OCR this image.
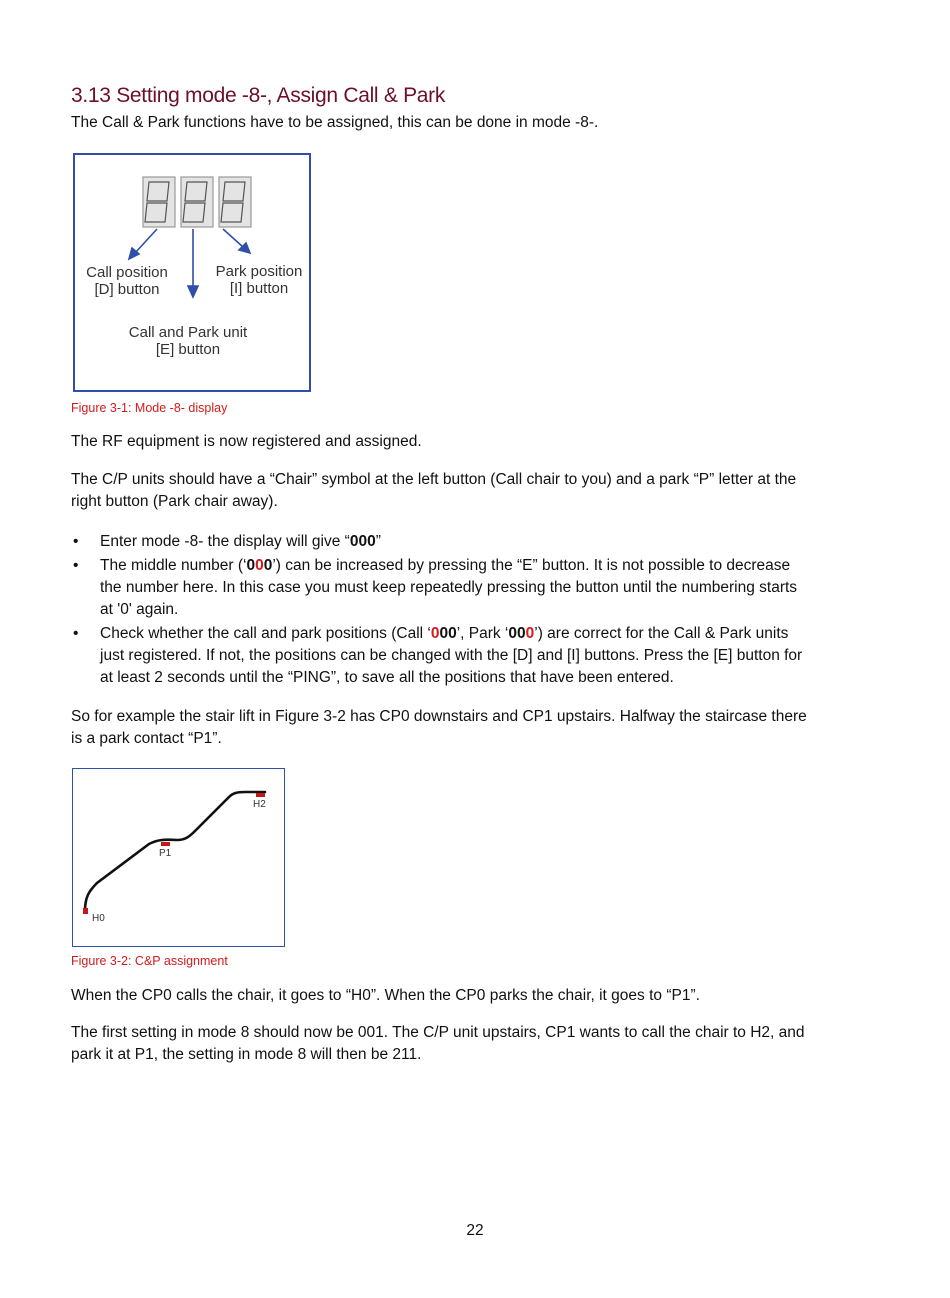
3.13 Setting mode -8-, Assign Call & Park
The Call & Park functions have to be assigned, this can be done in mode -8-.
Call position
[D] button
Park position
[I] button
Call and Park unit
[E] button
Figure 3-1: Mode -8- display
The RF equipment is now registered and assigned.
The C/P units should have a “Chair” symbol at the left button (Call chair to you) and a park “P” letter at the right button (Park chair away).
• Enter mode -8- the display will give “000”
• The middle number (‘000’) can be increased by pressing the “E” button. It is not possible to decrease the number here. In this case you must keep repeatedly pressing the button until the numbering starts at '0' again.
• Check whether the call and park positions (Call ‘000’, Park ‘000’) are correct for the Call & Park units just registered. If not, the positions can be changed with the [D] and [I] buttons. Press the [E] button for at least 2 seconds until the “PING”, to save all the positions that have been entered.
So for example the stair lift in Figure 3-2 has CP0 downstairs and CP1 upstairs. Halfway the staircase there is a park contact “P1”.
H0
P1
H2
Figure 3-2: C&P assignment
When the CP0 calls the chair, it goes to “H0”. When the CP0 parks the chair, it goes to “P1”.
The first setting in mode 8 should now be 001. The C/P unit upstairs, CP1 wants to call the chair to H2, and park it at P1, the setting in mode 8 will then be 211.
22
